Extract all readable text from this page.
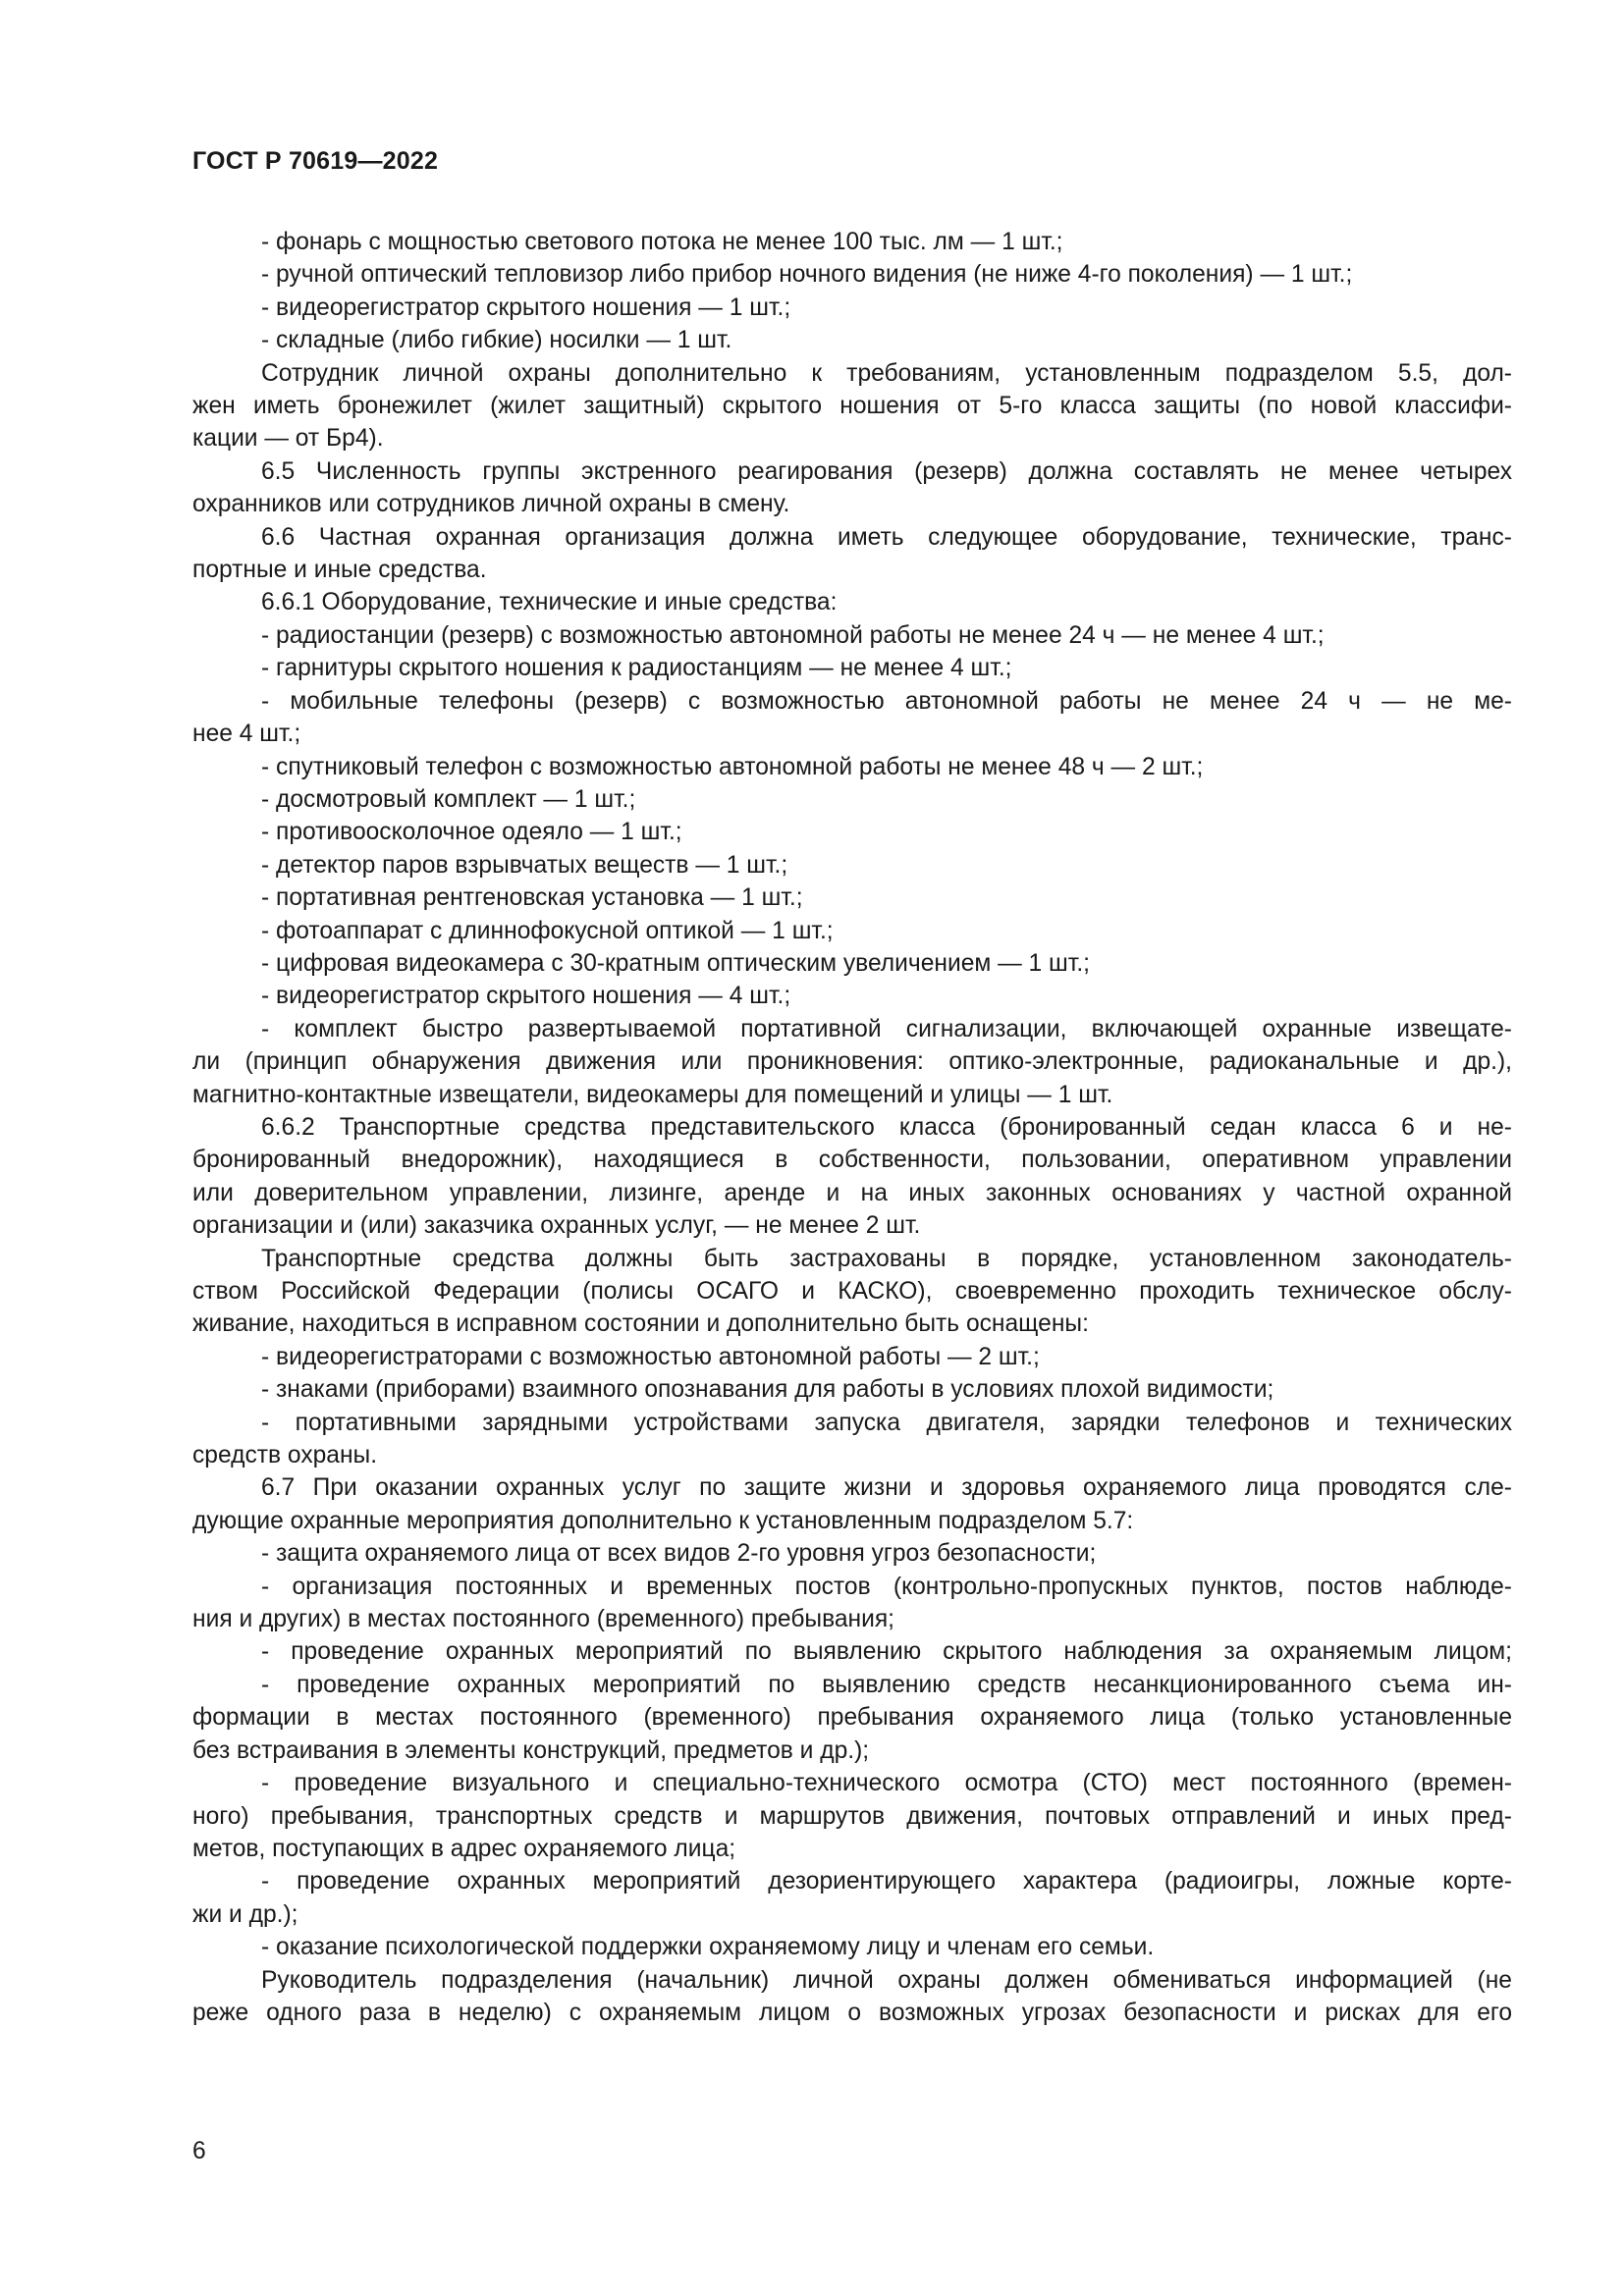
ГОСТ Р 70619—2022
- фонарь с мощностью светового потока не менее 100 тыс. лм — 1 шт.;
- ручной оптический тепловизор либо прибор ночного видения (не ниже 4-го поколения) — 1 шт.;
- видеорегистратор скрытого ношения — 1 шт.;
- складные (либо гибкие) носилки — 1 шт.
Сотрудник личной охраны дополнительно к требованиям, установленным подразделом 5.5, дол-
жен иметь бронежилет (жилет защитный) скрытого ношения от 5-го класса защиты (по новой классифи-
кации — от Бр4).
6.5 Численность группы экстренного реагирования (резерв) должна составлять не менее четырех
охранников или сотрудников личной охраны в смену.
6.6 Частная охранная организация должна иметь следующее оборудование, технические, транс-
портные и иные средства.
6.6.1 Оборудование, технические и иные средства:
- радиостанции (резерв) с возможностью автономной работы не менее 24 ч — не менее 4 шт.;
- гарнитуры скрытого ношения к радиостанциям — не менее 4 шт.;
- мобильные телефоны (резерв) с возможностью автономной работы не менее 24 ч — не ме-
нее 4 шт.;
- спутниковый телефон с возможностью автономной работы не менее 48 ч — 2 шт.;
- досмотровый комплект — 1 шт.;
- противоосколочное одеяло — 1 шт.;
- детектор паров взрывчатых веществ — 1 шт.;
- портативная рентгеновская установка — 1 шт.;
- фотоаппарат с длиннофокусной оптикой — 1 шт.;
- цифровая видеокамера с 30-кратным оптическим увеличением — 1 шт.;
- видеорегистратор скрытого ношения — 4 шт.;
- комплект быстро развертываемой портативной сигнализации, включающей охранные извещате-
ли (принцип обнаружения движения или проникновения: оптико-электронные, радиоканальные и др.),
магнитно-контактные извещатели, видеокамеры для помещений и улицы — 1 шт.
6.6.2 Транспортные средства представительского класса (бронированный седан класса 6 и не-
бронированный внедорожник), находящиеся в собственности, пользовании, оперативном управлении
или доверительном управлении, лизинге, аренде и на иных законных основаниях у частной охранной
организации и (или) заказчика охранных услуг, — не менее 2 шт.
Транспортные средства должны быть застрахованы в порядке, установленном законодатель-
ством Российской Федерации (полисы ОСАГО и КАСКО), своевременно проходить техническое обслу-
живание, находиться в исправном состоянии и дополнительно быть оснащены:
- видеорегистраторами с возможностью автономной работы — 2 шт.;
- знаками (приборами) взаимного опознавания для работы в условиях плохой видимости;
- портативными зарядными устройствами запуска двигателя, зарядки телефонов и технических
средств охраны.
6.7 При оказании охранных услуг по защите жизни и здоровья охраняемого лица проводятся сле-
дующие охранные мероприятия дополнительно к установленным подразделом 5.7:
- защита охраняемого лица от всех видов 2-го уровня угроз безопасности;
- организация постоянных и временных постов (контрольно-пропускных пунктов, постов наблюде-
ния и других) в местах постоянного (временного) пребывания;
- проведение охранных мероприятий по выявлению скрытого наблюдения за охраняемым лицом;
- проведение охранных мероприятий по выявлению средств несанкционированного съема ин-
формации в местах постоянного (временного) пребывания охраняемого лица (только установленные
без встраивания в элементы конструкций, предметов и др.);
- проведение визуального и специально-технического осмотра (СТО) мест постоянного (времен-
ного) пребывания, транспортных средств и маршрутов движения, почтовых отправлений и иных пред-
метов, поступающих в адрес охраняемого лица;
- проведение охранных мероприятий дезориентирующего характера (радиоигры, ложные корте-
жи и др.);
- оказание психологической поддержки охраняемому лицу и членам его семьи.
Руководитель подразделения (начальник) личной охраны должен обмениваться информацией (не
реже одного раза в неделю) с охраняемым лицом о возможных угрозах безопасности и рисках для его
6
